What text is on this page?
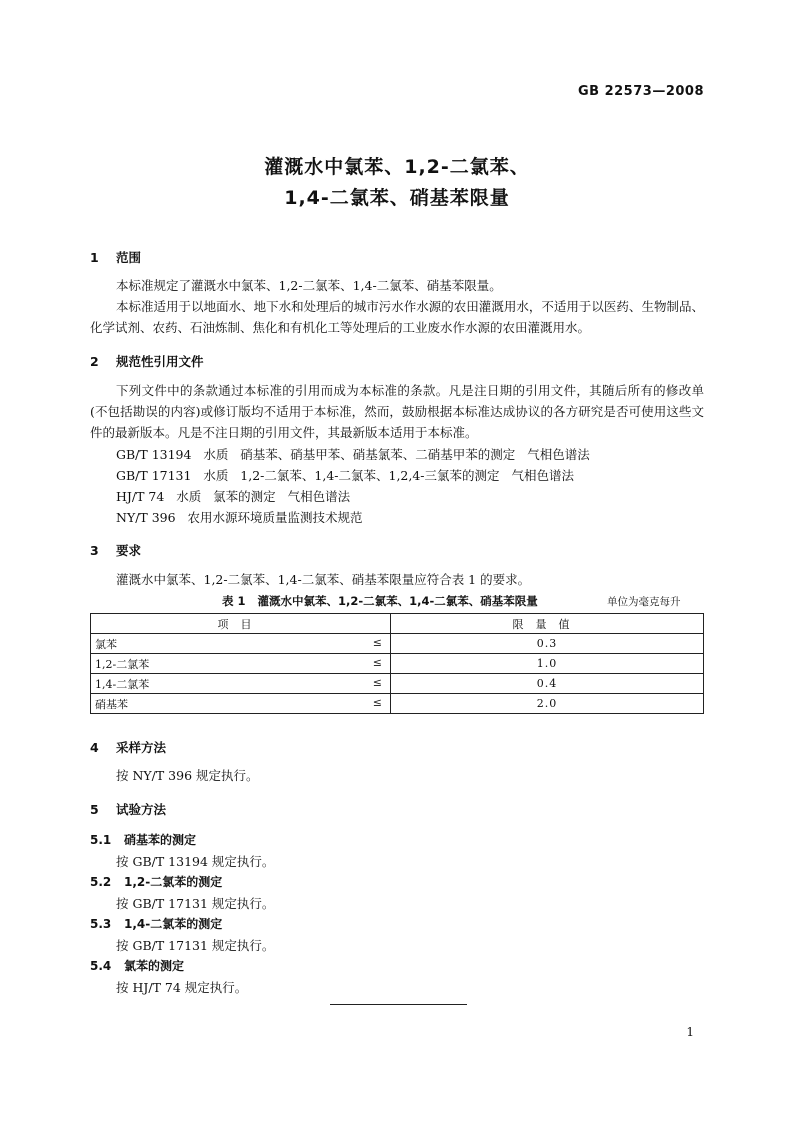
GB 22573—2008
灌溉水中氯苯、1,2-二氯苯、
1,4-二氯苯、硝基苯限量
1 范围
本标准规定了灌溉水中氯苯、1,2-二氯苯、1,4-二氯苯、硝基苯限量。
本标准适用于以地面水、地下水和处理后的城市污水作水源的农田灌溉用水，不适用于以医药、生物制品、化学试剂、农药、石油炼制、焦化和有机化工等处理后的工业废水作水源的农田灌溉用水。
2 规范性引用文件
下列文件中的条款通过本标准的引用而成为本标准的条款。凡是注日期的引用文件，其随后所有的修改单(不包括勘误的内容)或修订版均不适用于本标准，然而，鼓励根据本标准达成协议的各方研究是否可使用这些文件的最新版本。凡是不注日期的引用文件，其最新版本适用于本标准。
GB/T 13194   水质   硝基苯、硝基甲苯、硝基氯苯、二硝基甲苯的测定   气相色谱法
GB/T 17131   水质   1,2-二氯苯、1,4-二氯苯、1,2,4-三氯苯的测定   气相色谱法
HJ/T 74   水质   氯苯的测定   气相色谱法
NY/T 396   农用水源环境质量监测技术规范
3 要求
灌溉水中氯苯、1,2-二氯苯、1,4-二氯苯、硝基苯限量应符合表 1 的要求。
表 1   灌溉水中氯苯、1,2-二氯苯、1,4-二氯苯、硝基苯限量	单位为毫克每升
项目	限量值
氯苯 ≤	0.3
1,2-二氯苯 ≤	1.0
1,4-二氯苯 ≤	0.4
硝基苯 ≤	2.0
4 采样方法
按 NY/T 396 规定执行。
5 试验方法
5.1 硝基苯的测定
按 GB/T 13194 规定执行。
5.2 1,2-二氯苯的测定
按 GB/T 17131 规定执行。
5.3 1,4-二氯苯的测定
按 GB/T 17131 规定执行。
5.4 氯苯的测定
按 HJ/T 74 规定执行。
1
